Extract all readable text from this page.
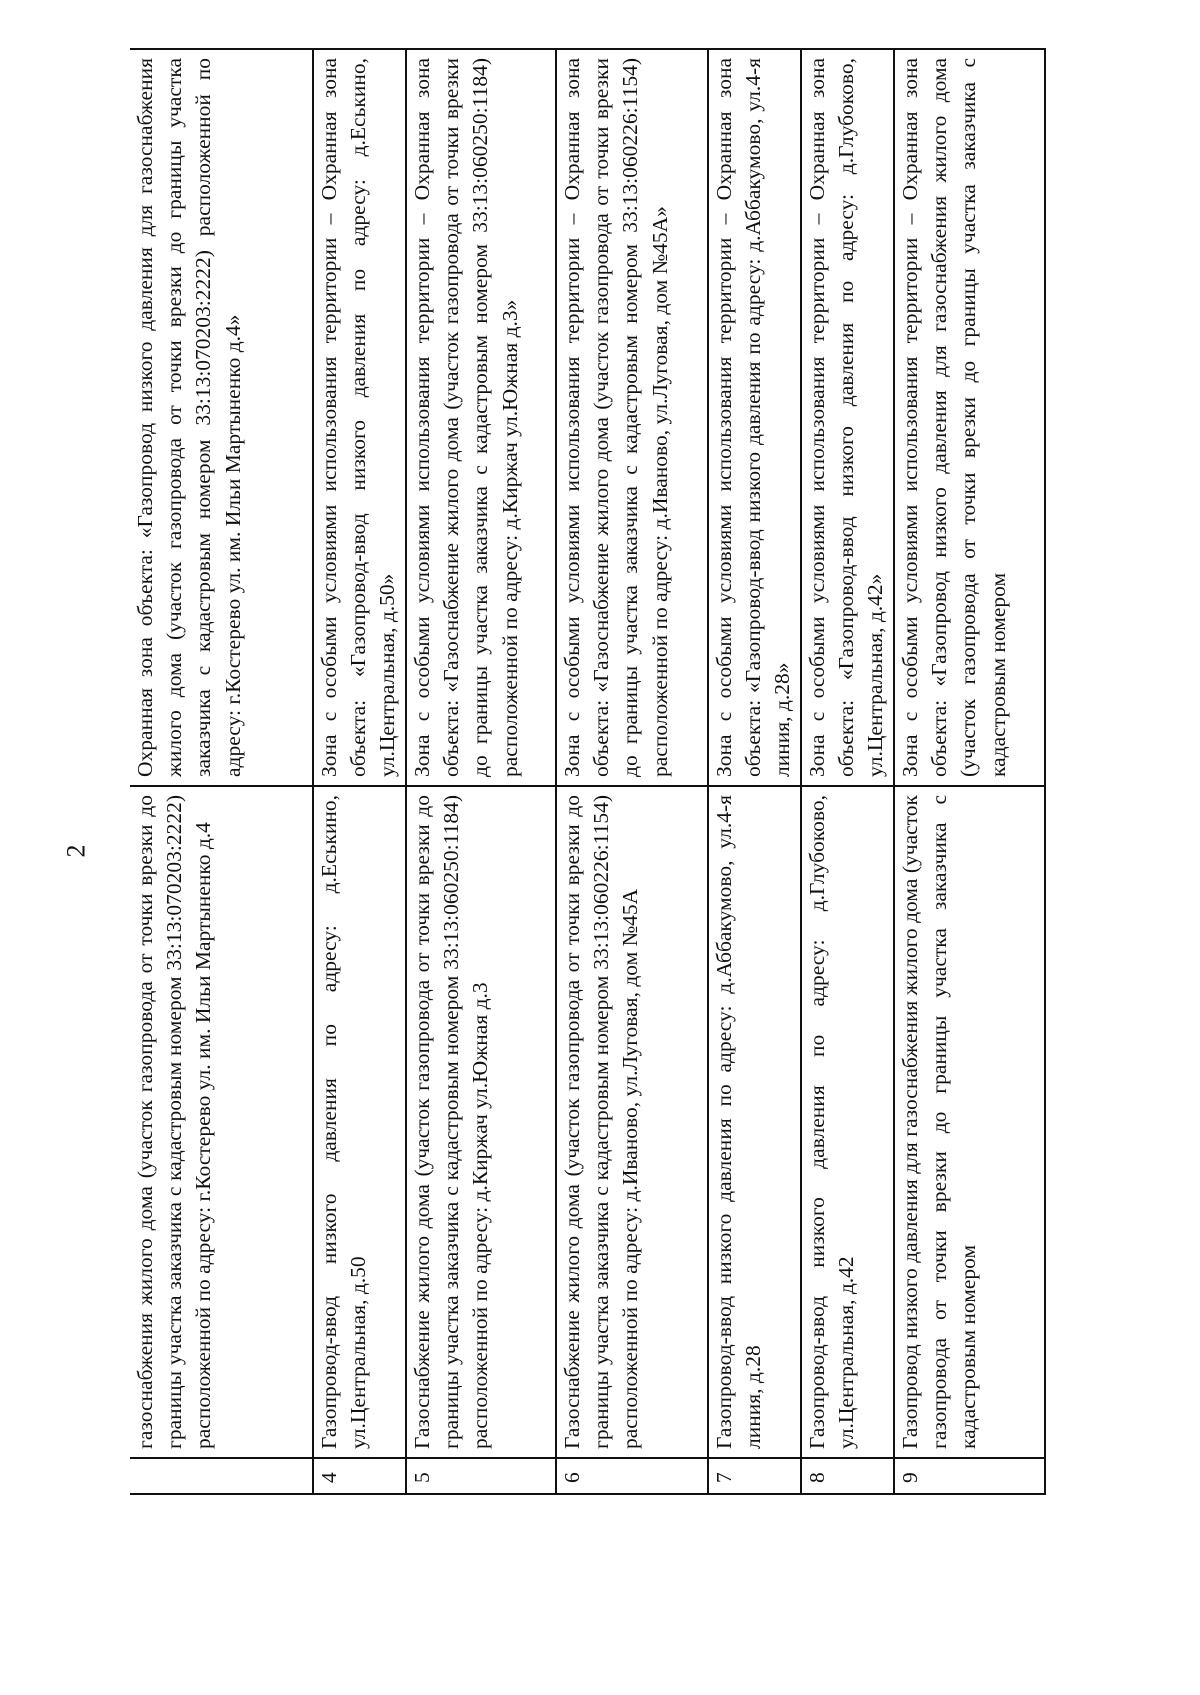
2
	газоснабжения жилого дома (участок газопровода от точки врезки до границы участка заказчика с кадастровым номером 33:13:070203:2222) расположенной по адресу: г.Костерево ул. им. Ильи Мартыненко д.4	Охранная зона объекта: «Газопровод низкого давления для газоснабжения жилого дома (участок газопровода от точки врезки до границы участка заказчика с кадастровым номером 33:13:070203:2222) расположенной по адресу: г.Костерево ул. им. Ильи Мартыненко д.4»
4	Газопровод-ввод низкого давления по адресу: д.Еськино, ул.Центральная, д.50	Зона с особыми условиями использования территории – Охранная зона объекта: «Газопровод-ввод низкого давления по адресу: д.Еськино, ул.Центральная, д.50»
5	Газоснабжение жилого дома (участок газопровода от точки врезки до границы участка заказчика с кадастровым номером 33:13:060250:1184) расположенной по адресу: д.Киржач ул.Южная д.3	Зона с особыми условиями использования территории – Охранная зона объекта: «Газоснабжение жилого дома (участок газопровода от точки врезки до границы участка заказчика с кадастровым номером 33:13:060250:1184) расположенной по адресу: д.Киржач ул.Южная д.3»
6	Газоснабжение жилого дома (участок газопровода от точки врезки до границы участка заказчика с кадастровым номером 33:13:060226:1154) расположенной по адресу: д.Иваново, ул.Луговая, дом №45А	Зона с особыми условиями использования территории – Охранная зона объекта: «Газоснабжение жилого дома (участок газопровода от точки врезки до границы участка заказчика с кадастровым номером 33:13:060226:1154) расположенной по адресу: д.Иваново, ул.Луговая, дом №45А»
7	Газопровод-ввод низкого давления по адресу: д.Аббакумово, ул.4-я линия, д.28	Зона с особыми условиями использования территории – Охранная зона объекта: «Газопровод-ввод низкого давления по адресу: д.Аббакумово, ул.4-я линия, д.28»
8	Газопровод-ввод низкого давления по адресу: д.Глубоково, ул.Центральная, д.42	Зона с особыми условиями использования территории – Охранная зона объекта: «Газопровод-ввод низкого давления по адресу: д.Глубоково, ул.Центральная, д.42»
9	Газопровод низкого давления для газоснабжения жилого дома (участок газопровода от точки врезки до границы участка заказчика с кадастровым номером	Зона с особыми условиями использования территории – Охранная зона объекта: «Газопровод низкого давления для газоснабжения жилого дома (участок газопровода от точки врезки до границы участка заказчика с кадастровым номером
